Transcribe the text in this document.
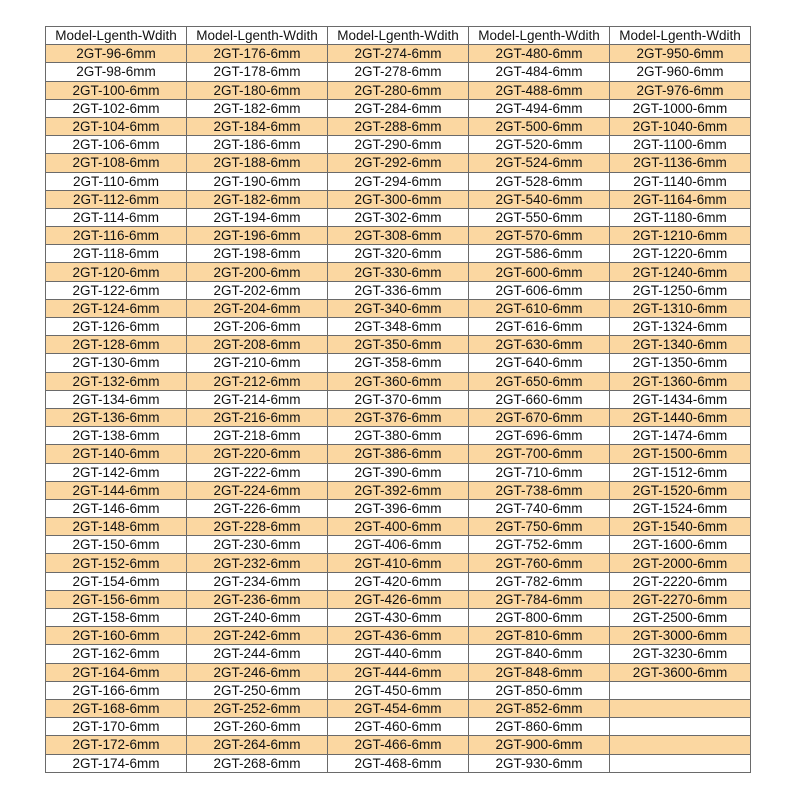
Model-Lgenth-Wdith	Model-Lgenth-Wdith	Model-Lgenth-Wdith	Model-Lgenth-Wdith	Model-Lgenth-Wdith
2GT-96-6mm	2GT-176-6mm	2GT-274-6mm	2GT-480-6mm	2GT-950-6mm
2GT-98-6mm	2GT-178-6mm	2GT-278-6mm	2GT-484-6mm	2GT-960-6mm
2GT-100-6mm	2GT-180-6mm	2GT-280-6mm	2GT-488-6mm	2GT-976-6mm
2GT-102-6mm	2GT-182-6mm	2GT-284-6mm	2GT-494-6mm	2GT-1000-6mm
2GT-104-6mm	2GT-184-6mm	2GT-288-6mm	2GT-500-6mm	2GT-1040-6mm
2GT-106-6mm	2GT-186-6mm	2GT-290-6mm	2GT-520-6mm	2GT-1100-6mm
2GT-108-6mm	2GT-188-6mm	2GT-292-6mm	2GT-524-6mm	2GT-1136-6mm
2GT-110-6mm	2GT-190-6mm	2GT-294-6mm	2GT-528-6mm	2GT-1140-6mm
2GT-112-6mm	2GT-182-6mm	2GT-300-6mm	2GT-540-6mm	2GT-1164-6mm
2GT-114-6mm	2GT-194-6mm	2GT-302-6mm	2GT-550-6mm	2GT-1180-6mm
2GT-116-6mm	2GT-196-6mm	2GT-308-6mm	2GT-570-6mm	2GT-1210-6mm
2GT-118-6mm	2GT-198-6mm	2GT-320-6mm	2GT-586-6mm	2GT-1220-6mm
2GT-120-6mm	2GT-200-6mm	2GT-330-6mm	2GT-600-6mm	2GT-1240-6mm
2GT-122-6mm	2GT-202-6mm	2GT-336-6mm	2GT-606-6mm	2GT-1250-6mm
2GT-124-6mm	2GT-204-6mm	2GT-340-6mm	2GT-610-6mm	2GT-1310-6mm
2GT-126-6mm	2GT-206-6mm	2GT-348-6mm	2GT-616-6mm	2GT-1324-6mm
2GT-128-6mm	2GT-208-6mm	2GT-350-6mm	2GT-630-6mm	2GT-1340-6mm
2GT-130-6mm	2GT-210-6mm	2GT-358-6mm	2GT-640-6mm	2GT-1350-6mm
2GT-132-6mm	2GT-212-6mm	2GT-360-6mm	2GT-650-6mm	2GT-1360-6mm
2GT-134-6mm	2GT-214-6mm	2GT-370-6mm	2GT-660-6mm	2GT-1434-6mm
2GT-136-6mm	2GT-216-6mm	2GT-376-6mm	2GT-670-6mm	2GT-1440-6mm
2GT-138-6mm	2GT-218-6mm	2GT-380-6mm	2GT-696-6mm	2GT-1474-6mm
2GT-140-6mm	2GT-220-6mm	2GT-386-6mm	2GT-700-6mm	2GT-1500-6mm
2GT-142-6mm	2GT-222-6mm	2GT-390-6mm	2GT-710-6mm	2GT-1512-6mm
2GT-144-6mm	2GT-224-6mm	2GT-392-6mm	2GT-738-6mm	2GT-1520-6mm
2GT-146-6mm	2GT-226-6mm	2GT-396-6mm	2GT-740-6mm	2GT-1524-6mm
2GT-148-6mm	2GT-228-6mm	2GT-400-6mm	2GT-750-6mm	2GT-1540-6mm
2GT-150-6mm	2GT-230-6mm	2GT-406-6mm	2GT-752-6mm	2GT-1600-6mm
2GT-152-6mm	2GT-232-6mm	2GT-410-6mm	2GT-760-6mm	2GT-2000-6mm
2GT-154-6mm	2GT-234-6mm	2GT-420-6mm	2GT-782-6mm	2GT-2220-6mm
2GT-156-6mm	2GT-236-6mm	2GT-426-6mm	2GT-784-6mm	2GT-2270-6mm
2GT-158-6mm	2GT-240-6mm	2GT-430-6mm	2GT-800-6mm	2GT-2500-6mm
2GT-160-6mm	2GT-242-6mm	2GT-436-6mm	2GT-810-6mm	2GT-3000-6mm
2GT-162-6mm	2GT-244-6mm	2GT-440-6mm	2GT-840-6mm	2GT-3230-6mm
2GT-164-6mm	2GT-246-6mm	2GT-444-6mm	2GT-848-6mm	2GT-3600-6mm
2GT-166-6mm	2GT-250-6mm	2GT-450-6mm	2GT-850-6mm	
2GT-168-6mm	2GT-252-6mm	2GT-454-6mm	2GT-852-6mm	
2GT-170-6mm	2GT-260-6mm	2GT-460-6mm	2GT-860-6mm	
2GT-172-6mm	2GT-264-6mm	2GT-466-6mm	2GT-900-6mm	
2GT-174-6mm	2GT-268-6mm	2GT-468-6mm	2GT-930-6mm	
